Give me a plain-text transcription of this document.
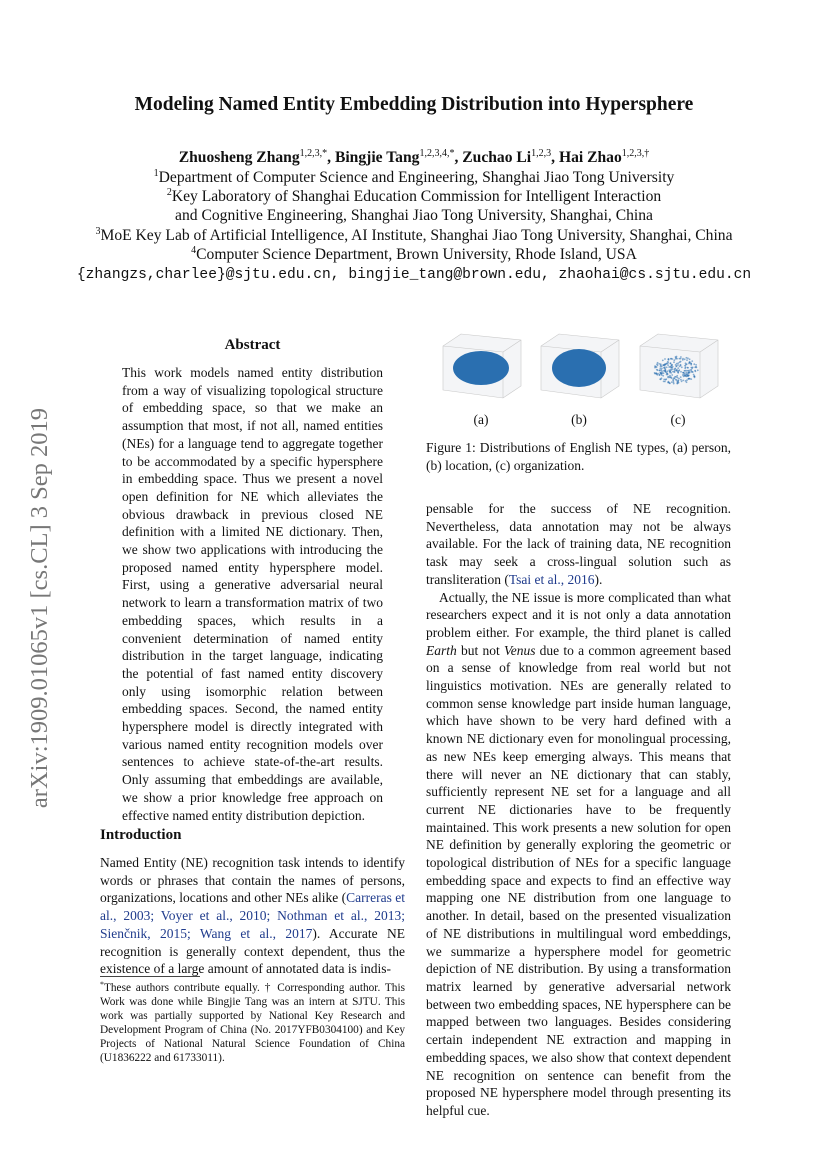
Modeling Named Entity Embedding Distribution into Hypersphere
Zhuosheng Zhang$^{1,2,3,*}$, Bingjie Tang$^{1,2,3,4,*}$, Zuchao Li$^{1,2,3}$, Hai Zhao$^{1,2,3,\dagger}$
$^1$Department of Computer Science and Engineering, Shanghai Jiao Tong University
$^2$Key Laboratory of Shanghai Education Commission for Intelligent Interaction
and Cognitive Engineering, Shanghai Jiao Tong University, Shanghai, China
$^3$MoE Key Lab of Artificial Intelligence, AI Institute, Shanghai Jiao Tong University, Shanghai, China
$^4$Computer Science Department, Brown University, Rhode Island, USA
{zhangzs,charlee}@sjtu.edu.cn, bingjie_tang@brown.edu, zhaohai@cs.sjtu.edu.cn
arXiv:1909.01065v1 [cs.CL] 3 Sep 2019
Abstract
This work models named entity distribution from a way of visualizing topological structure of embedding space, so that we make an assumption that most, if not all, named entities (NEs) for a language tend to aggregate together to be accommodated by a specific hypersphere in embedding space. Thus we present a novel open definition for NE which alleviates the obvious drawback in previous closed NE definition with a limited NE dictionary. Then, we show two applications with introducing the proposed named entity hypersphere model. First, using a generative adversarial neural network to learn a transformation matrix of two embedding spaces, which results in a convenient determination of named entity distribution in the target language, indicating the potential of fast named entity discovery only using isomorphic relation between embedding spaces. Second, the named entity hypersphere model is directly integrated with various named entity recognition models over sentences to achieve state-of-the-art results. Only assuming that embeddings are available, we show a prior knowledge free approach on effective named entity distribution depiction.
Introduction

Named Entity (NE) recognition task intends to identify words or phrases that contain the names of persons, organizations, locations and other NEs alike (Carreras et al., 2003; Voyer et al., 2010; Nothman et al., 2013; Sienčnik, 2015; Wang et al., 2017). Accurate NE recognition is generally context dependent, thus the existence of a large amount of annotated data is indis-

*These authors contribute equally. † Corresponding author. This Work was done while Bingjie Tang was an intern at SJTU. This work was partially supported by National Key Research and Development Program of China (No. 2017YFB0304100) and Key Projects of National Natural Science Foundation of China (U1836222 and 61733011).
(a)	(b)	(c)
Figure 1: Distributions of English NE types, (a) person, (b) location, (c) organization.

pensable for the success of NE recognition. Nevertheless, data annotation may not be always available. For the lack of training data, NE recognition task may seek a cross-lingual solution such as transliteration (Tsai et al., 2016).

Actually, the NE issue is more complicated than what researchers expect and it is not only a data annotation problem either. For example, the third planet is called Earth but not Venus due to a common agreement based on a sense of knowledge from real world but not linguistics motivation. NEs are generally related to common sense knowledge part inside human language, which have shown to be very hard defined with a known NE dictionary even for monolingual processing, as new NEs keep emerging always. This means that there will never an NE dictionary that can stably, sufficiently represent NE set for a language and all current NE dictionaries have to be frequently maintained. This work presents a new solution for open NE definition by generally exploring the geometric or topological distribution of NEs for a specific language embedding space and expects to find an effective way mapping one NE distribution from one language to another. In detail, based on the presented visualization of NE distributions in multilingual word embeddings, we summarize a hypersphere model for geometric depiction of NE distribution. By using a transformation matrix learned by generative adversarial network between two embedding spaces, NE hypersphere can be mapped between two languages. Besides considering certain independent NE extraction and mapping in embedding spaces, we also show that context dependent NE recognition on sentence can benefit from the proposed NE hypersphere model through presenting its helpful cue.
